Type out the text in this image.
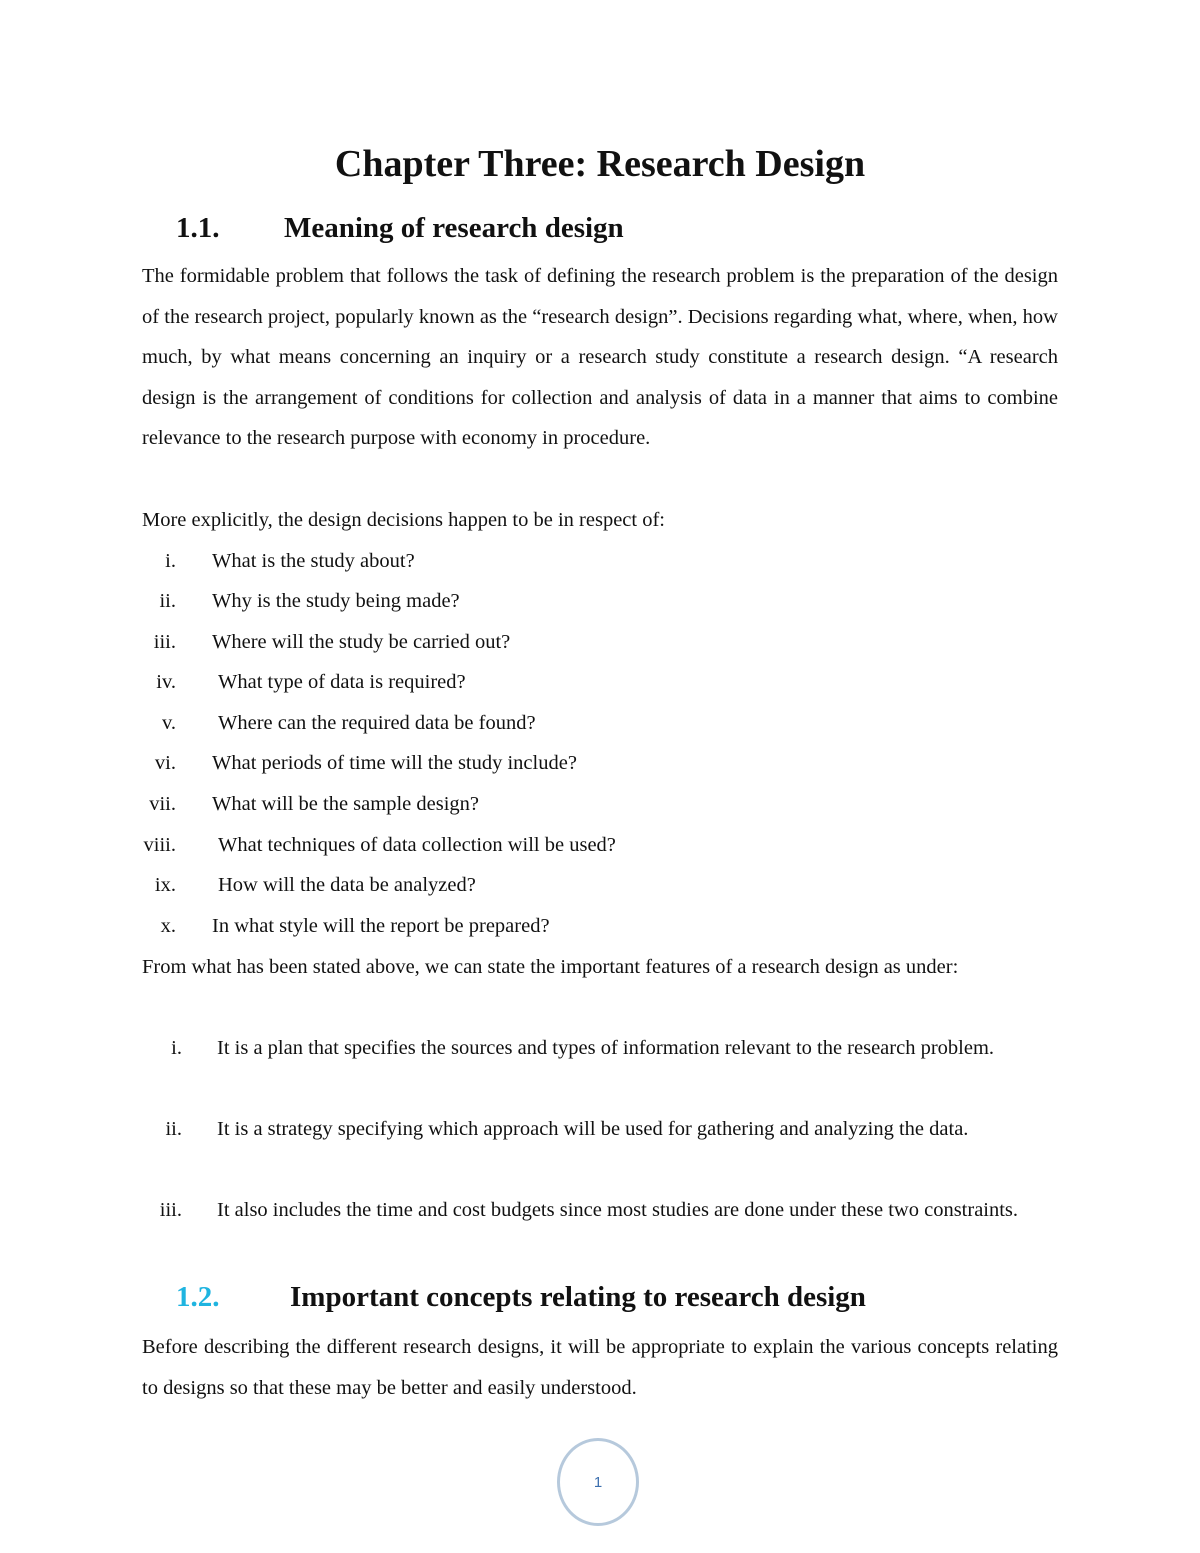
Chapter Three: Research Design
1.1. Meaning of research design

The formidable problem that follows the task of defining the research problem is the preparation of the design of the research project, popularly known as the “research design”. Decisions regarding what, where, when, how much, by what means concerning an inquiry or a research study constitute a research design. “A research design is the arrangement of conditions for collection and analysis of data in a manner that aims to combine relevance to the research purpose with economy in procedure.

More explicitly, the design decisions happen to be in respect of:

i. What is the study about?
ii. Why is the study being made?
iii. Where will the study be carried out?
iv. What type of data is required?
v. Where can the required data be found?
vi. What periods of time will the study include?
vii. What will be the sample design?
viii. What techniques of data collection will be used?
ix. How will the data be analyzed?
x. In what style will the report be prepared?

From what has been stated above, we can state the important features of a research design as under:

i. It is a plan that specifies the sources and types of information relevant to the research problem.
ii. It is a strategy specifying which approach will be used for gathering and analyzing the data.
iii. It also includes the time and cost budgets since most studies are done under these two constraints.
1.2. Important concepts relating to research design

Before describing the different research designs, it will be appropriate to explain the various concepts relating to designs so that these may be better and easily understood.

1
